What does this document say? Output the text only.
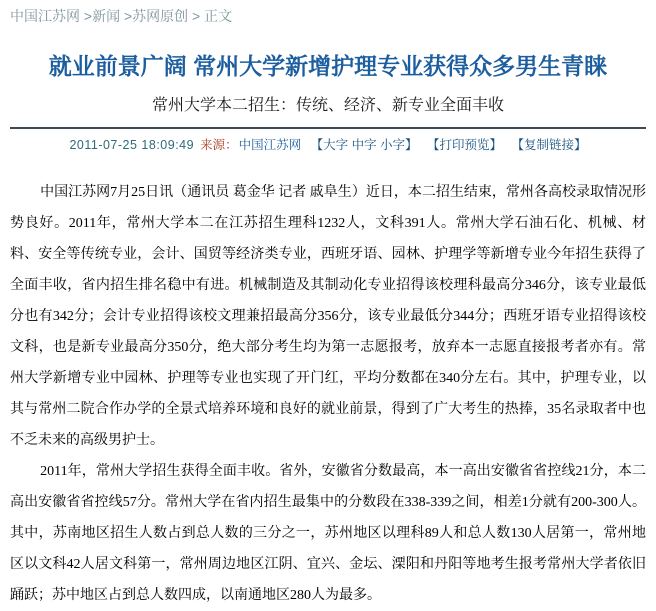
中国江苏网 >新闻 >苏网原创 > 正文
就业前景广阔 常州大学新增护理专业获得众多男生青睐
常州大学本二招生：传统、经济、新专业全面丰收
2011-07-25 18:09:49 来源：中国江苏网 【大字 中字 小字】 【打印预览】 【复制链接】

中国江苏网7月25日讯（通讯员 葛金华 记者 戚阜生）近日，本二招生结束，常州各高校录取情况形势良好。2011年，常州大学本二在江苏招生理科1232人，文科391人。常州大学石油石化、机械、材料、安全等传统专业，会计、国贸等经济类专业，西班牙语、园林、护理学等新增专业今年招生获得了全面丰收，省内招生排名稳中有进。机械制造及其制动化专业招得该校理科最高分346分，该专业最低分也有342分；会计专业招得该校文理兼招最高分356分，该专业最低分344分；西班牙语专业招得该校文科，也是新专业最高分350分，绝大部分考生均为第一志愿报考，放弃本一志愿直接报考者亦有。常州大学新增专业中园林、护理等专业也实现了开门红，平均分数都在340分左右。其中，护理专业，以其与常州二院合作办学的全景式培养环境和良好的就业前景，得到了广大考生的热捧，35名录取者中也不乏未来的高级男护士。

2011年，常州大学招生获得全面丰收。省外，安徽省分数最高，本一高出安徽省省控线21分，本二高出安徽省省控线57分。常州大学在省内招生最集中的分数段在338-339之间，相差1分就有200-300人。其中，苏南地区招生人数占到总人数的三分之一，苏州地区以理科89人和总人数130人居第一，常州地区以文科42人居文科第一，常州周边地区江阴、宜兴、金坛、溧阳和丹阳等地考生报考常州大学者依旧踊跃；苏中地区占到总人数四成，以南通地区280人为最多。
